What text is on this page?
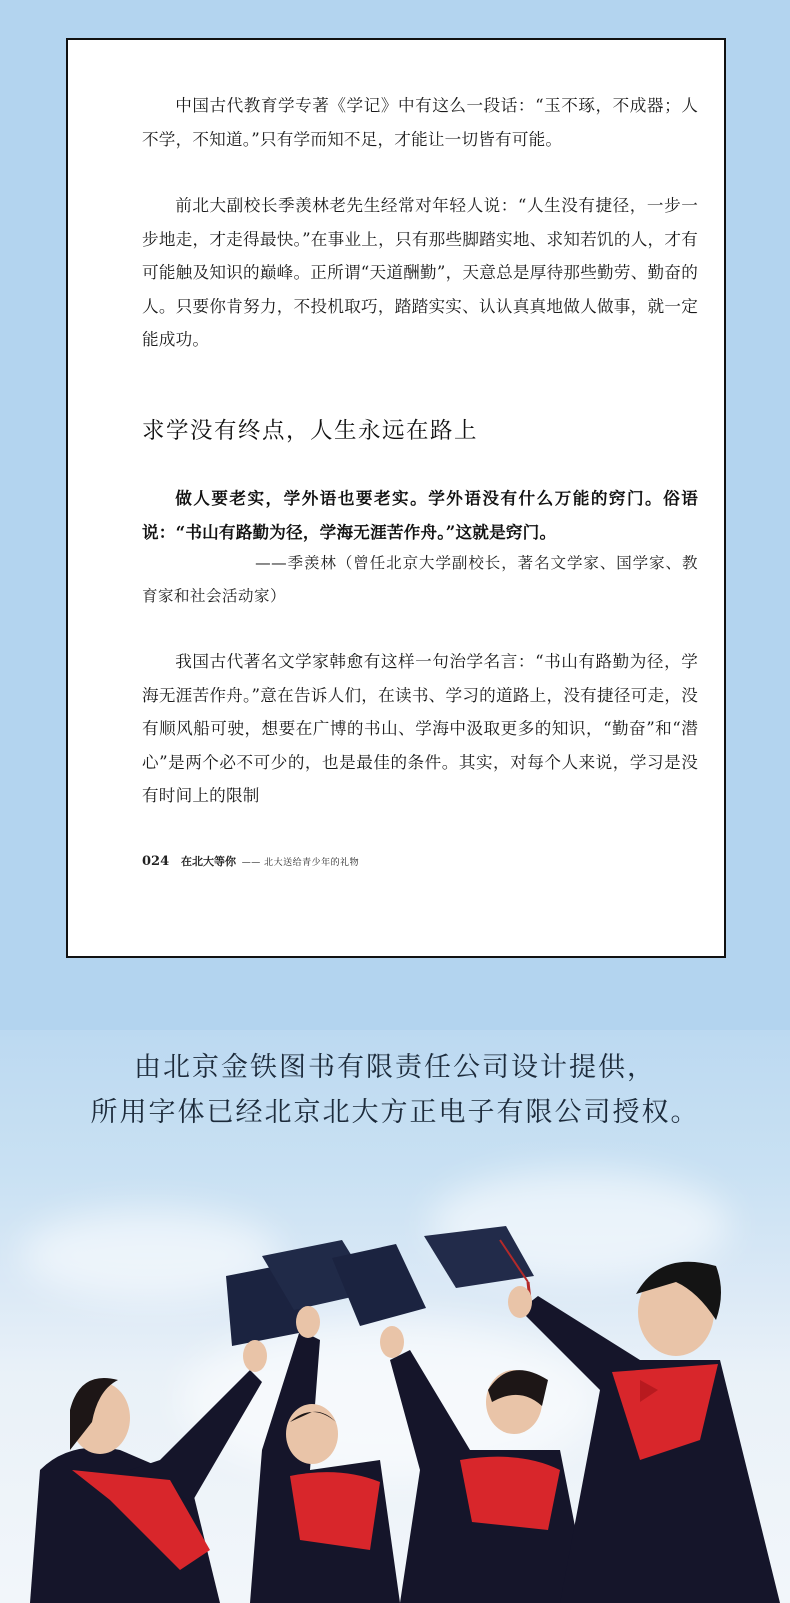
中国古代教育学专著《学记》中有这么一段话：“玉不琢，不成器；人不学，不知道。”只有学而知不足，才能让一切皆有可能。

前北大副校长季羡林老先生经常对年轻人说：“人生没有捷径，一步一步地走，才走得最快。”在事业上，只有那些脚踏实地、求知若饥的人，才有可能触及知识的巅峰。正所谓“天道酬勤”，天意总是厚待那些勤劳、勤奋的人。只要你肯努力，不投机取巧，踏踏实实、认认真真地做人做事，就一定能成功。

求学没有终点，人生永远在路上

做人要老实，学外语也要老实。学外语没有什么万能的窍门。俗语说：“书山有路勤为径，学海无涯苦作舟。”这就是窍门。

——季羡林（曾任北京大学副校长，著名文学家、国学家、教育家和社会活动家）

我国古代著名文学家韩愈有这样一句治学名言：“书山有路勤为径，学海无涯苦作舟。”意在告诉人们，在读书、学习的道路上，没有捷径可走，没有顺风船可驶，想要在广博的书山、学海中汲取更多的知识，“勤奋”和“潜心”是两个必不可少的，也是最佳的条件。其实，对每个人来说，学习是没有时间上的限制

024 在北大等你 —— 北大送给青少年的礼物

由北京金铁图书有限责任公司设计提供，

所用字体已经北京北大方正电子有限公司授权。
